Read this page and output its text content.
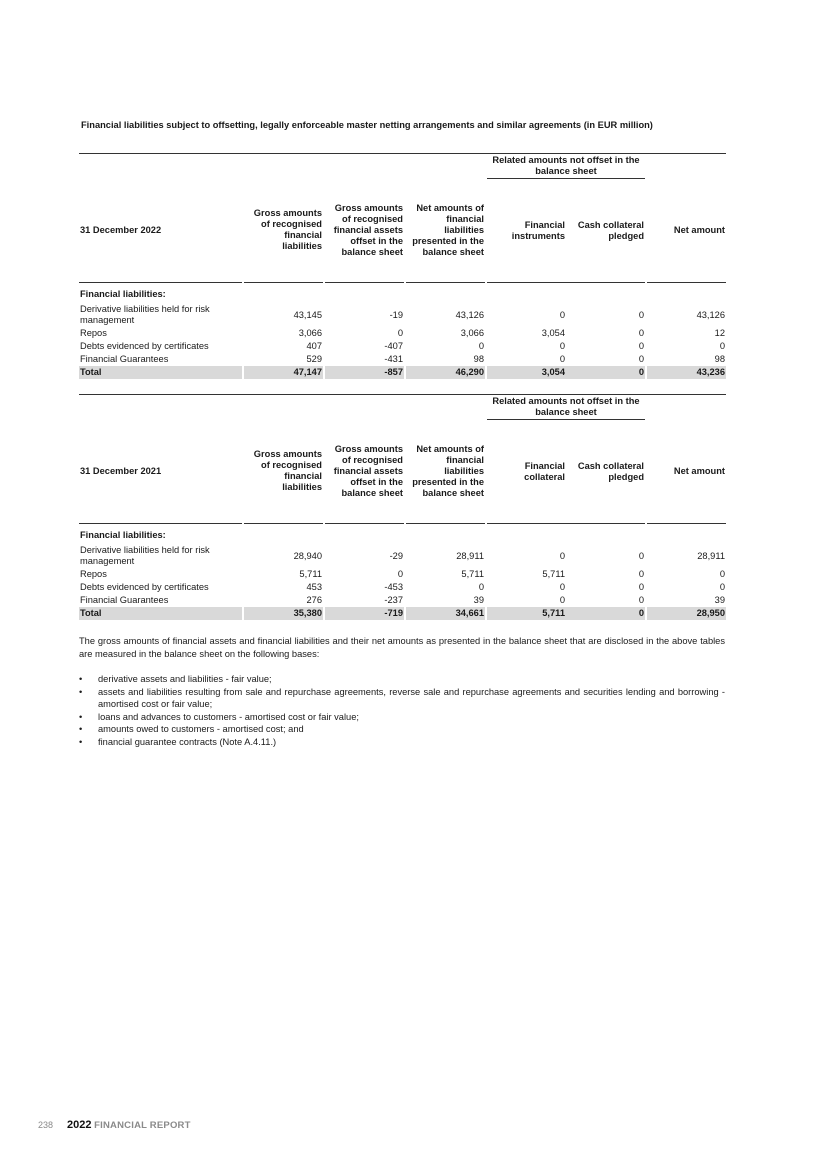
Financial liabilities subject to offsetting, legally enforceable master netting arrangements and similar agreements (in EUR million)

								Related amounts not offset in the balance sheet			
31 December 2022		Gross amounts of recognised financial liabilities		Gross amounts of recognised financial assets offset in the balance sheet		Net amounts of financial liabilities presented in the balance sheet		Financial instruments	Cash collateral pledged		Net amount
Financial liabilities:											
Derivative liabilities held for risk management		43,145		-19		43,126		0	0		43,126
Repos		3,066		0		3,066		3,054	0		12
Debts evidenced by certificates		407		-407		0		0	0		0
Financial Guarantees		529		-431		98		0	0		98
Total		47,147		-857		46,290		3,054	0		43,236

								Related amounts not offset in the balance sheet			
31 December 2021		Gross amounts of recognised financial liabilities		Gross amounts of recognised financial assets offset in the balance sheet		Net amounts of financial liabilities presented in the balance sheet		Financial collateral	Cash collateral pledged		Net amount
Financial liabilities:											
Derivative liabilities held for risk management		28,940		-29		28,911		0	0		28,911
Repos		5,711		0		5,711		5,711	0		0
Debts evidenced by certificates		453		-453		0		0	0		0
Financial Guarantees		276		-237		39		0	0		39
Total		35,380		-719		34,661		5,711	0		28,950
The gross amounts of financial assets and financial liabilities and their net amounts as presented in the balance sheet that are disclosed in the above tables are measured in the balance sheet on the following bases:
• derivative assets and liabilities - fair value;
• assets and liabilities resulting from sale and repurchase agreements, reverse sale and repurchase agreements and securities lending and borrowing - amortised cost or fair value;
• loans and advances to customers - amortised cost or fair value;
• amounts owed to customers - amortised cost; and
• financial guarantee contracts (Note A.4.11.)
238 2022 FINANCIAL REPORT
